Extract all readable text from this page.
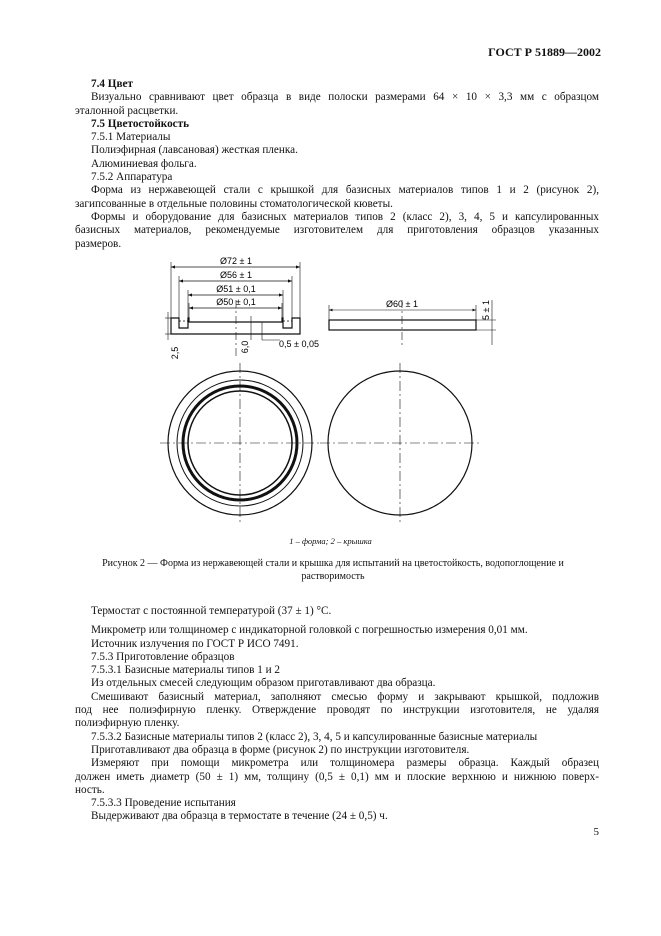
ГОСТ Р 51889—2002
7.4 Цвет
Визуально сравнивают цвет образца в виде полоски размерами 64 × 10 × 3,3 мм с образцом
эталонной расцветки.
7.5 Цветостойкость
7.5.1 Материалы
Полиэфирная (лавсановая) жесткая пленка.
Алюминиевая фольга.
7.5.2 Аппаратура
Форма из нержавеющей стали с крышкой для базисных материалов типов 1 и 2 (рисунок 2),
загипсованные в отдельные половины стоматологической кюветы.
Формы и оборудование для базисных материалов типов 2 (класс 2), 3, 4, 5 и капсулированных
базисных материалов, рекомендуемые изготовителем для приготовления образцов указанных
размеров.
Ø72 ± 1
Ø56 ± 1
Ø51 ± 0,1
Ø50 ± 0,1
2,5	6,0	0,5 ± 0,05
Ø60 ± 1	5 ± 1
1 – форма; 2 – крышка
Рисунок 2 — Форма из нержавеющей стали и крышка для испытаний на цветостойкость, водопоглощение и
растворимость
Термостат с постоянной температурой (37 ± 1) °С.
Микрометр или толщиномер с индикаторной головкой с погрешностью измерения 0,01 мм.
Источник излучения по ГОСТ Р ИСО 7491.
7.5.3 Приготовление образцов
7.5.3.1 Базисные материалы типов 1 и 2
Из отдельных смесей следующим образом приготавливают два образца.
Смешивают базисный материал, заполняют смесью форму и закрывают крышкой, подложив
под нее полиэфирную пленку. Отверждение проводят по инструкции изготовителя, не удаляя
полиэфирную пленку.
7.5.3.2 Базисные материалы типов 2 (класс 2), 3, 4, 5 и капсулированные базисные материалы
Приготавливают два образца в форме (рисунок 2) по инструкции изготовителя.
Измеряют при помощи микрометра или толщиномера размеры образца. Каждый образец
должен иметь диаметр (50 ± 1) мм, толщину (0,5 ± 0,1) мм и плоские верхнюю и нижнюю поверх-
ность.
7.5.3.3 Проведение испытания
Выдерживают два образца в термостате в течение (24 ± 0,5) ч.
5
